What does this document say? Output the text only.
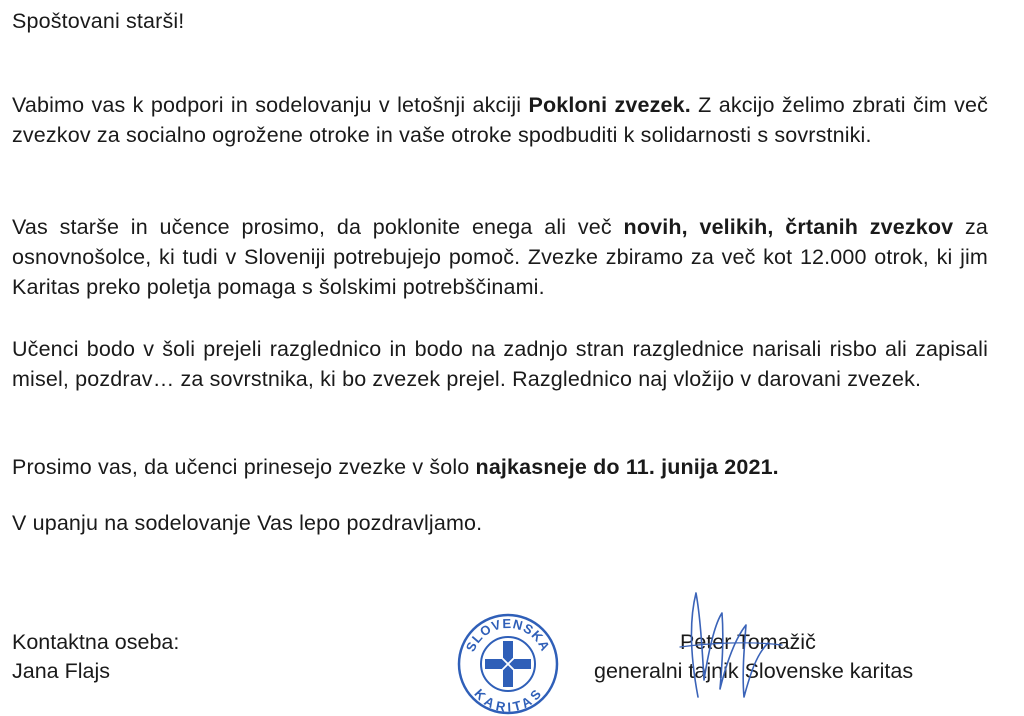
Spoštovani starši!

Vabimo vas k podpori in sodelovanju v letošnji akciji Pokloni zvezek. Z akcijo želimo zbrati čim več zvezkov za socialno ogrožene otroke in vaše otroke spodbuditi k solidarnosti s sovrstniki.

Vas starše in učence prosimo, da poklonite enega ali več novih, velikih, črtanih zvezkov za osnovnošolce, ki tudi v Sloveniji potrebujejo pomoč. Zvezke zbiramo za več kot 12.000 otrok, ki jim Karitas preko poletja pomaga s šolskimi potrebščinami.

Učenci bodo v šoli prejeli razglednico in bodo na zadnjo stran razglednice narisali risbo ali zapisali misel, pozdrav… za sovrstnika, ki bo zvezek prejel. Razglednico naj vložijo v darovani zvezek.

Prosimo vas, da učenci prinesejo zvezke v šolo najkasneje do 11. junija 2021.

V upanju na sodelovanje Vas lepo pozdravljamo.

Kontaktna oseba:
Jana Flajs
SLOVENSKA
KARITAS
Peter Tomažič
generalni tajnik Slovenske karitas
